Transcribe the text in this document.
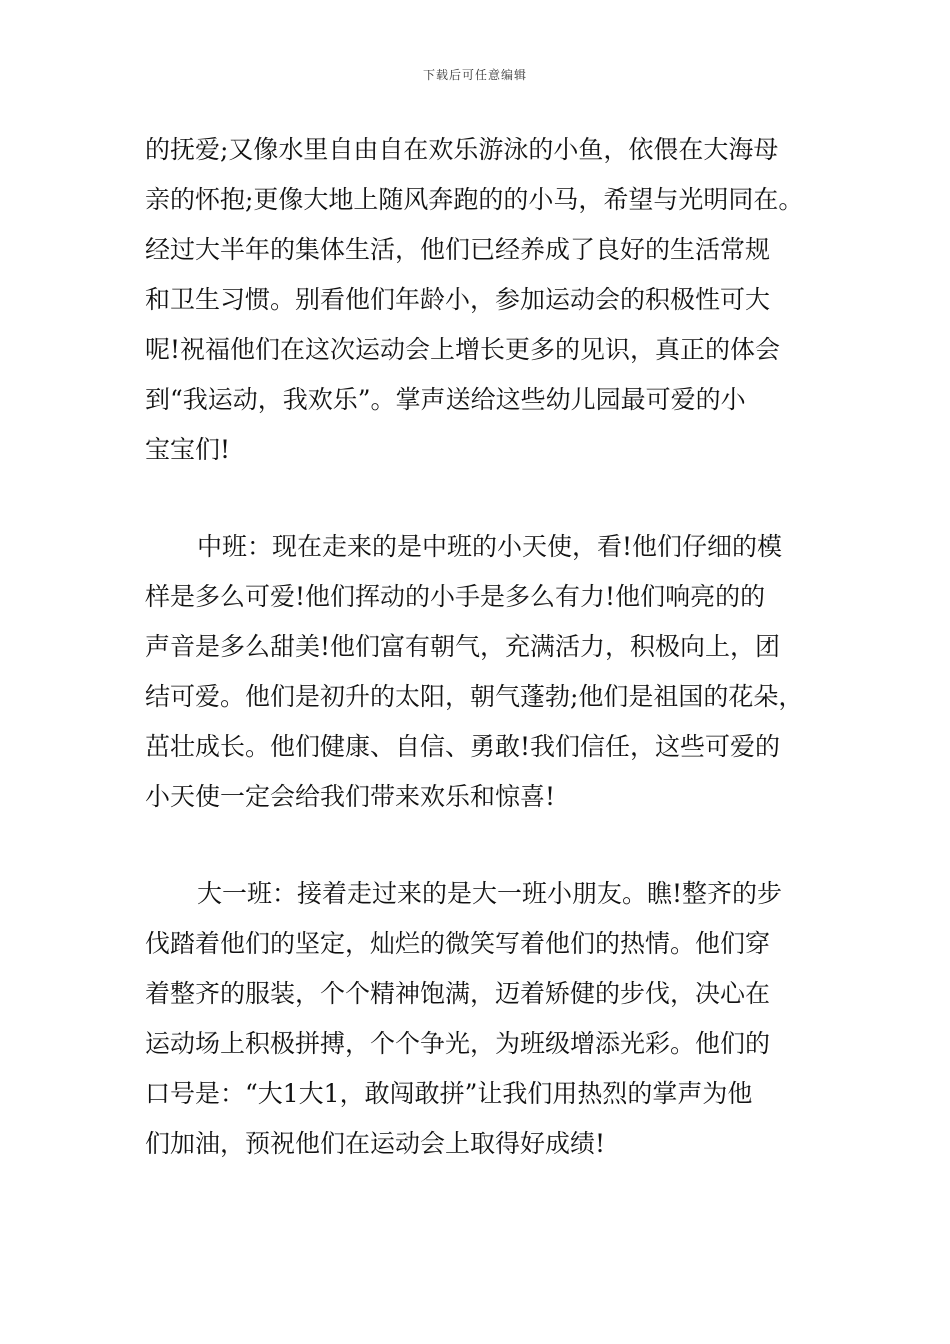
下载后可任意编辑
的抚爱;又像水里自由自在欢乐游泳的小鱼，依偎在大海母
亲的怀抱;更像大地上随风奔跑的的小马，希望与光明同在。
经过大半年的集体生活，他们已经养成了良好的生活常规
和卫生习惯。别看他们年龄小，参加运动会的积极性可大
呢!祝福他们在这次运动会上增长更多的见识，真正的体会
到“我运动，我欢乐”。掌声送给这些幼儿园最可爱的小
宝宝们!
中班：现在走来的是中班的小天使，看!他们仔细的模
样是多么可爱!他们挥动的小手是多么有力!他们响亮的的
声音是多么甜美!他们富有朝气，充满活力，积极向上，团
结可爱。他们是初升的太阳，朝气蓬勃;他们是祖国的花朵，
茁壮成长。他们健康、自信、勇敢!我们信任，这些可爱的
小天使一定会给我们带来欢乐和惊喜!
大一班：接着走过来的是大一班小朋友。瞧!整齐的步
伐踏着他们的坚定，灿烂的微笑写着他们的热情。他们穿
着整齐的服装，个个精神饱满，迈着矫健的步伐，决心在
运动场上积极拼搏，个个争光，为班级增添光彩。他们的
口号是：“大1大1，敢闯敢拼”让我们用热烈的掌声为他
们加油，预祝他们在运动会上取得好成绩!
